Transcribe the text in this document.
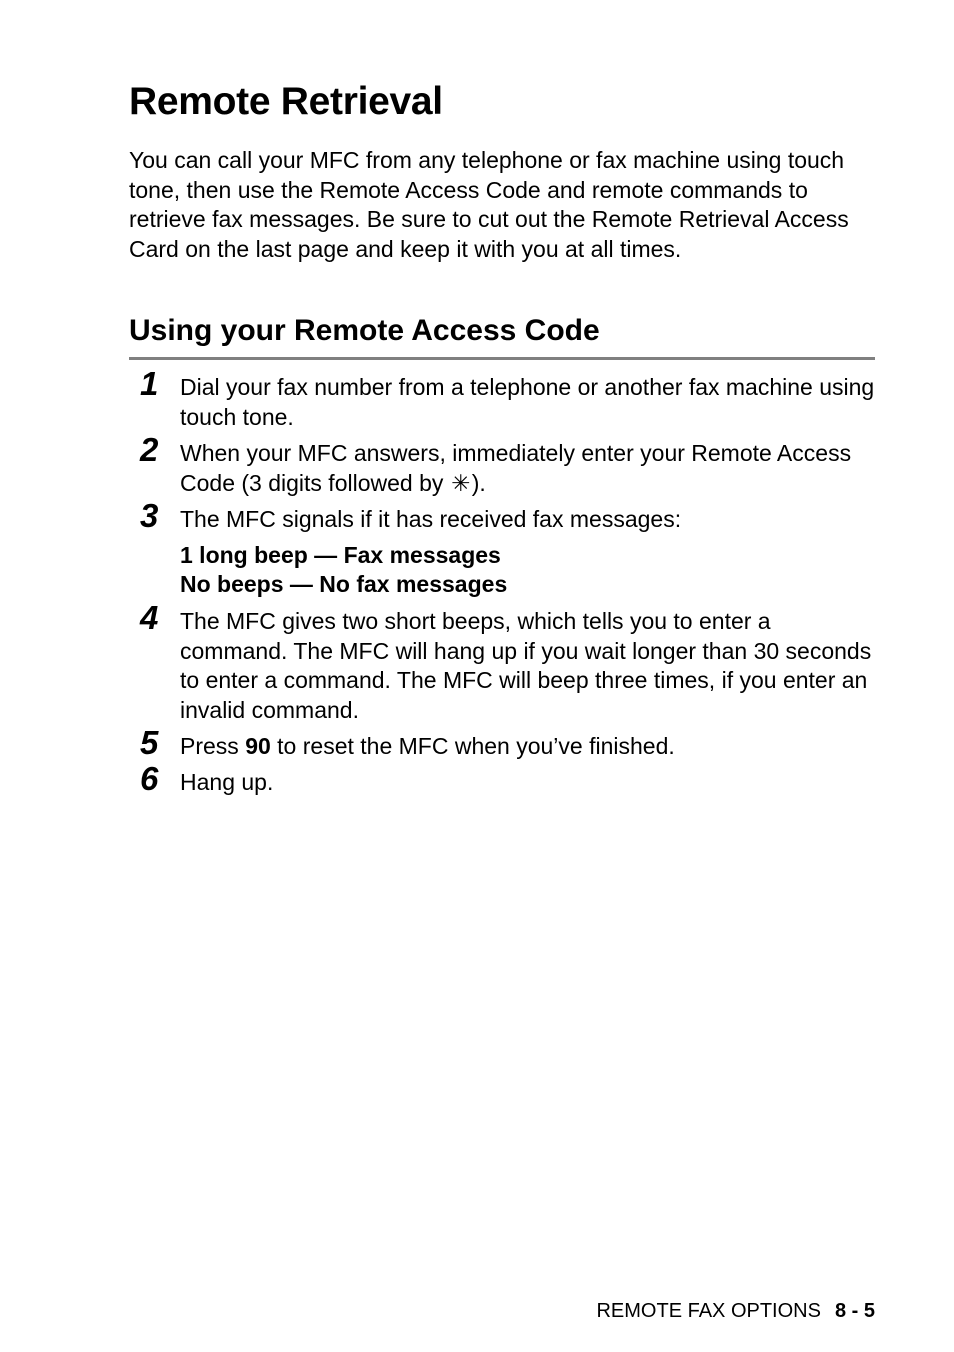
Remote Retrieval

You can call your MFC from any telephone or fax machine using touch tone, then use the Remote Access Code and remote commands to retrieve fax messages. Be sure to cut out the Remote Retrieval Access Card on the last page and keep it with you at all times.

Using your Remote Access Code
1 Dial your fax number from a telephone or another fax machine using touch tone.
2 When your MFC answers, immediately enter your Remote Access Code (3 digits followed by ✳).
3 The MFC signals if it has received fax messages:
1 long beep — Fax messages
No beeps — No fax messages
4 The MFC gives two short beeps, which tells you to enter a command. The MFC will hang up if you wait longer than 30 seconds to enter a command. The MFC will beep three times, if you enter an invalid command.
5 Press 90 to reset the MFC when you’ve finished.
6 Hang up.
REMOTE FAX OPTIONS 8 - 5
